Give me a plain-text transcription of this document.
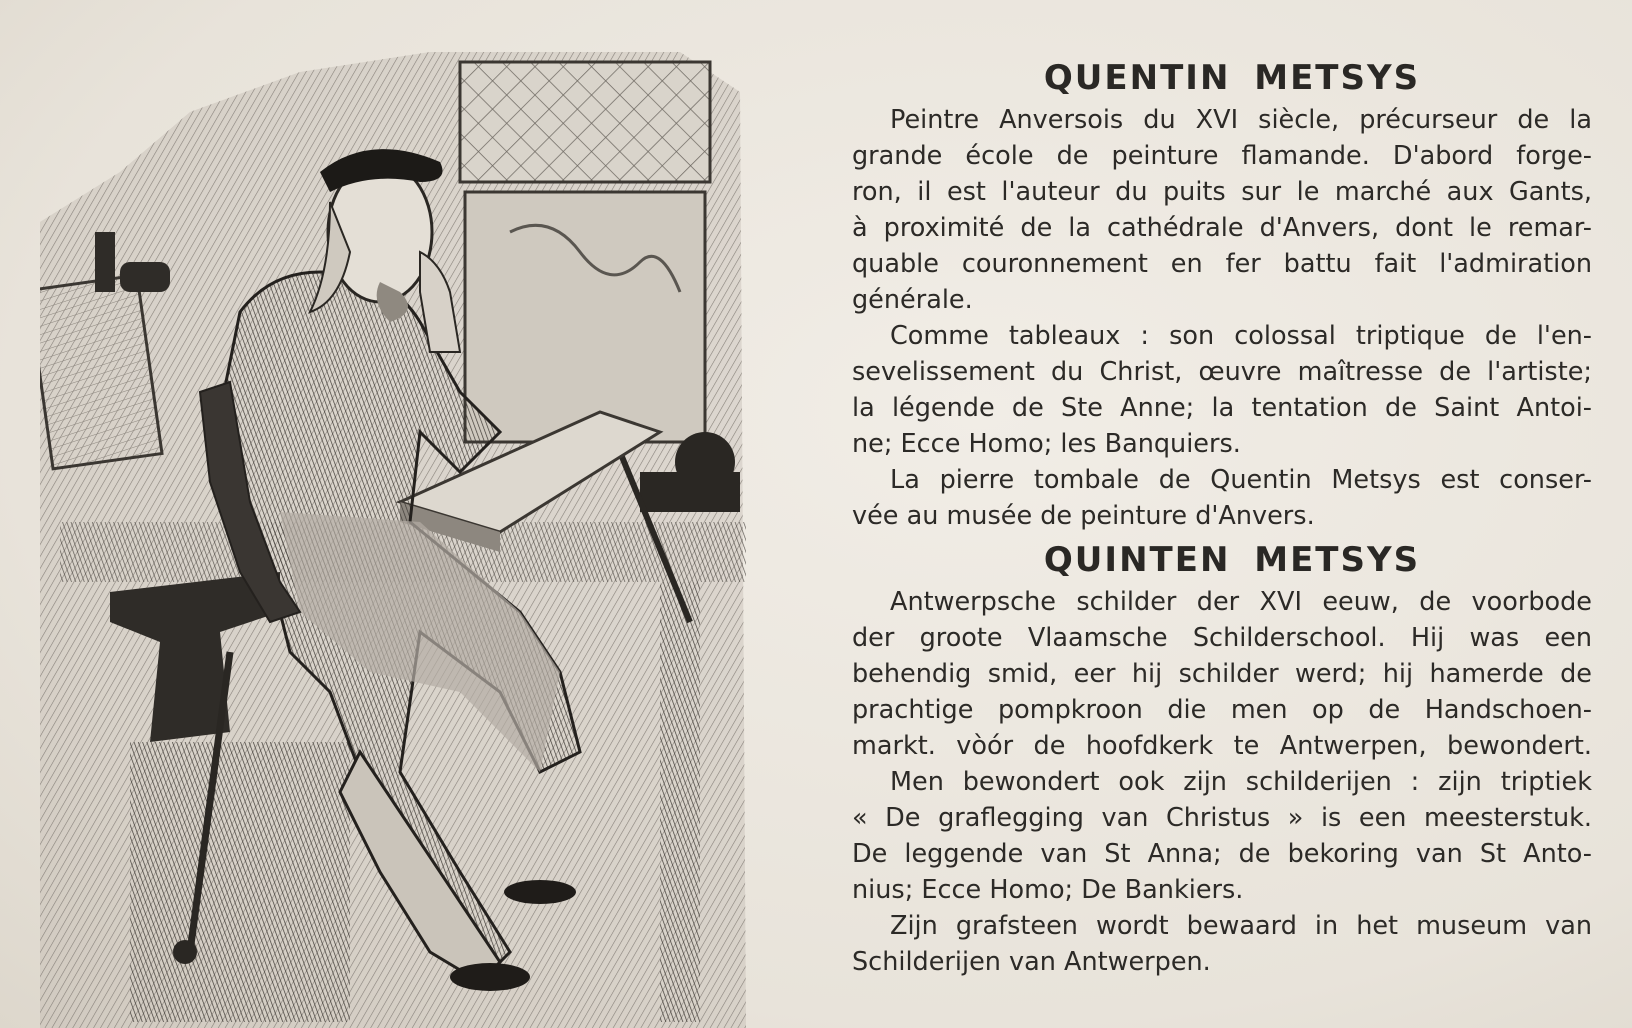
QUENTIN METSYS

Peintre Anversois du XVI siècle, précurseur de la
grande école de peinture flamande. D'abord forge-
ron, il est l'auteur du puits sur le marché aux Gants,
à proximité de la cathédrale d'Anvers, dont le remar-
quable couronnement en fer battu fait l'admiration
générale.

Comme tableaux : son colossal triptique de l'en-
sevelissement du Christ, œuvre maîtresse de l'artiste;
la légende de Ste Anne; la tentation de Saint Antoi-
ne; Ecce Homo; les Banquiers.

La pierre tombale de Quentin Metsys est conser-
vée au musée de peinture d'Anvers.

QUINTEN METSYS

Antwerpsche schilder der XVI eeuw, de voorbode
der groote Vlaamsche Schilderschool. Hij was een
behendig smid, eer hij schilder werd; hij hamerde de
prachtige pompkroon die men op de Handschoen-
markt. vòór de hoofdkerk te Antwerpen, bewondert.

Men bewondert ook zijn schilderijen : zijn triptiek
« De graflegging van Christus » is een meesterstuk.
De leggende van St Anna; de bekoring van St Anto-
nius; Ecce Homo; De Bankiers.

Zijn grafsteen wordt bewaard in het museum van
Schilderijen van Antwerpen.
